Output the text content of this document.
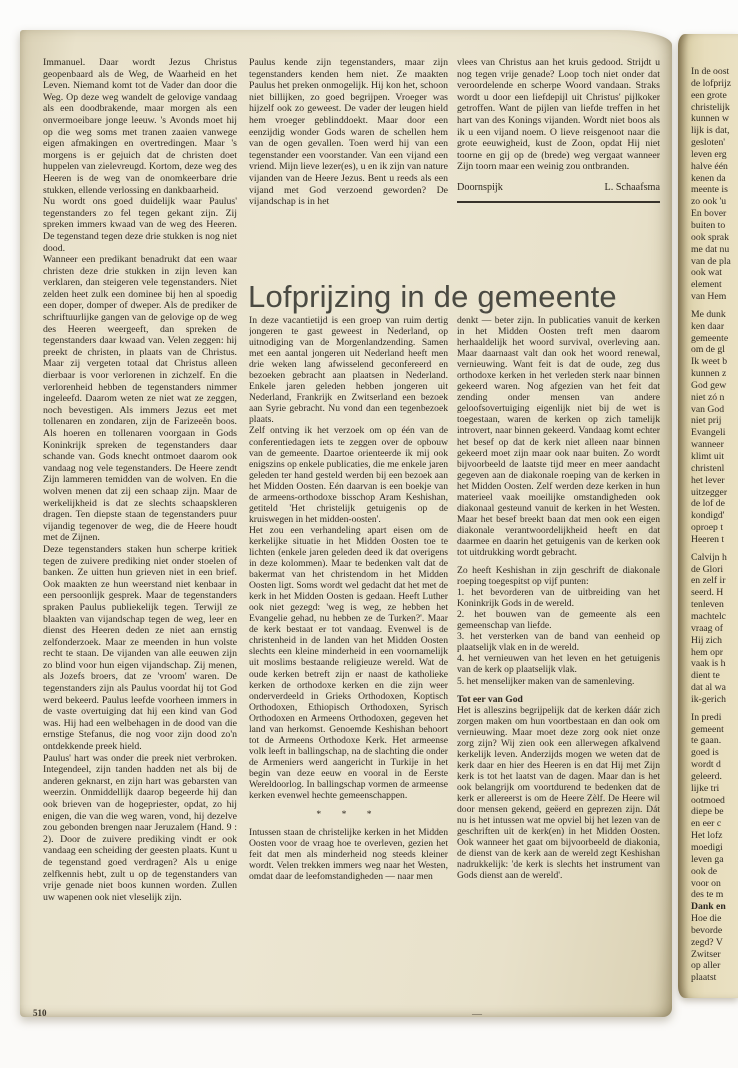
Immanuel. Daar wordt Jezus Christus geopenbaard als de Weg, de Waarheid en het Leven. Niemand komt tot de Vader dan door die Weg. Op deze weg wandelt de gelovige vandaag als een doodbrakende, maar morgen als een onvermoeibare jonge leeuw. 's Avonds moet hij op die weg soms met tranen zaaien vanwege eigen afmakingen en overtredingen. Maar 's morgens is er gejuich dat de christen doet huppelen van zielevreugd. Kortom, deze weg des Heeren is de weg van de onomkeerbare drie stukken, ellende verlossing en dankbaarheid.

Nu wordt ons goed duidelijk waar Paulus' tegenstanders zo fel tegen gekant zijn. Zij spreken immers kwaad van de weg des Heeren. De tegenstand tegen deze drie stukken is nog niet dood.

Wanneer een predikant benadrukt dat een waar christen deze drie stukken in zijn leven kan verklaren, dan steigeren vele tegenstanders. Niet zelden heet zulk een dominee bij hen al spoedig een doper, domper of dweper. Als de prediker de schriftuurlijke gangen van de gelovige op de weg des Heeren weergeeft, dan spreken de tegenstanders daar kwaad van. Velen zeggen: hij preekt de christen, in plaats van de Christus. Maar zij vergeten totaal dat Christus alleen dierbaar is voor verlorenen in zichzelf. En die verlorenheid hebben de tegenstanders nimmer ingeleefd. Daarom weten ze niet wat ze zeggen, noch bevestigen. Als immers Jezus eet met tollenaren en zondaren, zijn de Farizeeën boos. Als hoeren en tollenaren voorgaan in Gods Koninkrijk spreken de tegenstanders daar schande van. Gods knecht ontmoet daarom ook vandaag nog vele tegenstanders. De Heere zendt Zijn lammeren temidden van de wolven. En die wolven menen dat zij een schaap zijn. Maar de werkelijkheid is dat ze slechts schaapskleren dragen. Ten diepste staan de tegenstanders puur vijandig tegenover de weg, die de Heere houdt met de Zijnen.

Deze tegenstanders staken hun scherpe kritiek tegen de zuivere prediking niet onder stoelen of banken. Ze uitten hun grieven niet in een brief. Ook maakten ze hun weerstand niet kenbaar in een persoonlijk gesprek. Maar de tegenstanders spraken Paulus publiekelijk tegen. Terwijl ze blaakten van vijandschap tegen de weg, leer en dienst des Heeren deden ze niet aan ernstig zelfonderzoek. Maar ze meenden in hun volste recht te staan. De vijanden van alle eeuwen zijn zo blind voor hun eigen vijandschap. Zij menen, als Jozefs broers, dat ze 'vroom' waren. De tegenstanders zijn als Paulus voordat hij tot God werd bekeerd. Paulus leefde voorheen immers in de vaste overtuiging dat hij een kind van God was. Hij had een welbehagen in de dood van die ernstige Stefanus, die nog voor zijn dood zo'n ontdekkende preek hield.

Paulus' hart was onder die preek niet verbroken. Integendeel, zijn tanden hadden net als bij de anderen geknarst, en zijn hart was gebarsten van weerzin. Onmiddellijk daarop begeerde hij dan ook brieven van de hogepriester, opdat, zo hij enigen, die van die weg waren, vond, hij dezelve zou gebonden brengen naar Jeruzalem (Hand. 9 : 2). Door de zuivere prediking vindt er ook vandaag een scheiding der geesten plaats. Kunt u de tegenstand goed verdragen? Als u enige zelfkennis hebt, zult u op de tegenstanders van vrije genade niet boos kunnen worden. Zullen uw wapenen ook niet vleselijk zijn.

Paulus kende zijn tegenstanders, maar zijn tegenstanders kenden hem niet. Ze maakten Paulus het preken onmogelijk. Hij kon het, schoon niet billijken, zo goed begrijpen. Vroeger was hijzelf ook zo geweest. De vader der leugen hield hem vroeger geblinddoekt. Maar door een eenzijdig wonder Gods waren de schellen hem van de ogen gevallen. Toen werd hij van een tegenstander een voorstander. Van een vijand een vriend. Mijn lieve lezer(es), u en ik zijn van nature vijanden van de Heere Jezus. Bent u reeds als een vijand met God verzoend geworden? De vijandschap is in het

vlees van Christus aan het kruis gedood. Strijdt u nog tegen vrije genade? Loop toch niet onder dat veroordelende en scherpe Woord vandaan. Straks wordt u door een liefdepijl uit Christus' pijlkoker getroffen. Want de pijlen van liefde treffen in het hart van des Konings vijanden. Wordt niet boos als ik u een vijand noem. O lieve reisgenoot naar die grote eeuwigheid, kust de Zoon, opdat Hij niet toorne en gij op de (brede) weg vergaat wanneer Zijn toorn maar een weinig zou ontbranden.

Doornspijk	L. Schaafsma
Lofprijzing in de gemeente

In deze vacantietijd is een groep van ruim dertig jongeren te gast geweest in Nederland, op uitnodiging van de Morgenlandzending. Samen met een aantal jongeren uit Nederland heeft men drie weken lang afwisselend geconfereerd en bezoeken gebracht aan plaatsen in Nederland. Enkele jaren geleden hebben jongeren uit Nederland, Frankrijk en Zwitserland een bezoek aan Syrie gebracht. Nu vond dan een tegenbezoek plaats.

Zelf ontving ik het verzoek om op één van de conferentiedagen iets te zeggen over de opbouw van de gemeente. Daartoe orienteerde ik mij ook enigszins op enkele publicaties, die me enkele jaren geleden ter hand gesteld werden bij een bezoek aan het Midden Oosten. Eén daarvan is een boekje van de armeens-orthodoxe bisschop Aram Keshishan, getiteld 'Het christelijk getuigenis op de kruiswegen in het midden-oosten'.

Het zou een verhandeling apart eisen om de kerkelijke situatie in het Midden Oosten toe te lichten (enkele jaren geleden deed ik dat overigens in deze kolommen). Maar te bedenken valt dat de bakermat van het christendom in het Midden Oosten ligt. Soms wordt wel gedacht dat het met de kerk in het Midden Oosten is gedaan. Heeft Luther ook niet gezegd: 'weg is weg, ze hebben het Evangelie gehad, nu hebben ze de Turken?'. Maar de kerk bestaat er tot vandaag. Evenwel is de christenheid in de landen van het Midden Oosten slechts een kleine minderheid in een voornamelijk uit moslims bestaande religieuze wereld. Wat de oude kerken betreft zijn er naast de katholieke kerken de orthodoxe kerken en die zijn weer onderverdeeld in Grieks Orthodoxen, Koptisch Orthodoxen, Ethiopisch Orthodoxen, Syrisch Orthodoxen en Armeens Orthodoxen, gegeven het land van herkomst. Genoemde Keshishan behoort tot de Armeens Orthodoxe Kerk. Het armeense volk leeft in ballingschap, na de slachting die onder de Armeniers werd aangericht in Turkije in het begin van deze eeuw en vooral in de Eerste Wereldoorlog. In ballingschap vormen de armeense kerken evenwel hechte gemeenschappen.

* * *

Intussen staan de christelijke kerken in het Midden Oosten voor de vraag hoe te overleven, gezien het feit dat men als minderheid nog steeds kleiner wordt. Velen trekken immers weg naar het Westen, omdat daar de leefomstandigheden — naar men

denkt — beter zijn. In publicaties vanuit de kerken in het Midden Oosten treft men daarom herhaaldelijk het woord survival, overleving aan. Maar daarnaast valt dan ook het woord renewal, vernieuwing. Want feit is dat de oude, zeg dus orthodoxe kerken in het verleden sterk naar binnen gekeerd waren. Nog afgezien van het feit dat zending onder mensen van andere geloofsovertuiging eigenlijk niet bij de wet is toegestaan, waren de kerken op zich tamelijk introvert, naar binnen gekeerd. Vandaag komt echter het besef op dat de kerk niet alleen naar binnen gekeerd moet zijn maar ook naar buiten. Zo wordt bijvoorbeeld de laatste tijd meer en meer aandacht gegeven aan de diakonale roeping van de kerken in het Midden Oosten. Zelf werden deze kerken in hun materieel vaak moeilijke omstandigheden ook diakonaal gesteund vanuit de kerken in het Westen. Maar het besef breekt baan dat men ook een eigen diakonale verantwoordelijkheid heeft en dat daarmee en daarin het getuigenis van de kerken ook tot uitdrukking wordt gebracht.

Zo heeft Keshishan in zijn geschrift de diakonale roeping toegespitst op vijf punten:

1. het bevorderen van de uitbreiding van het Koninkrijk Gods in de wereld.

2. het bouwen van de gemeente als een gemeenschap van liefde.

3. het versterken van de band van eenheid op plaatselijk vlak en in de wereld.

4. het vernieuwen van het leven en het getuigenis van de kerk op plaatselijk vlak.

5. het menselijker maken van de samenleving.

Tot eer van God

Het is alleszins begrijpelijk dat de kerken dáár zich zorgen maken om hun voortbestaan en dan ook om vernieuwing. Maar moet deze zorg ook niet onze zorg zijn? Wij zien ook een allerwegen afkalvend kerkelijk leven. Anderzijds mogen we weten dat de kerk daar en hier des Heeren is en dat Hij met Zijn kerk is tot het laatst van de dagen. Maar dan is het ook belangrijk om voortdurend te bedenken dat de kerk er allereerst is om de Heere Zèlf. De Heere wil door mensen gekend, geëerd en geprezen zijn. Dát nu is het intussen wat me opviel bij het lezen van de geschriften uit de kerk(en) in het Midden Oosten. Ook wanneer het gaat om bijvoorbeeld de diakonia, de dienst van de kerk aan de wereld zegt Keshishan nadrukkelijk: 'de kerk is slechts het instrument van Gods dienst aan de wereld'.

510	—
In de oost
de lofprijz
een grote
christelijk
kunnen w
lijk is dat,
gesloten'
leven erg
halve één
kenen da
meente is
zo ook 'u
En bover
buiten to
ook sprak
me dat nu
van de pla
ook wat
element
van Hem
Me dunk
ken daar
gemeente
om de gl
Ik weet b
kunnen z
God gew
niet zó n
van God
niet prij
Evangeli
wanneer
klimt uit
christenl
het lever
uitzegger
de lof de
kondigd'
oproep t
Heeren t
Calvijn h
de Glori
en zelf ir
seerd. H
tenleven
machtelc
vraag of
Hij zich
hem opr
vaak is h
dient te
dat al wa
ik-gerich
In predi
gemeent
te gaan.
goed is
wordt d
geleerd.
lijke tri
ootmoed
diepe be
en eer c
Het lofz
moedigi
leven ga
ook de
voor on
des te m
Dank en
Hoe die
bevorde
zegd? V
Zwitser
op aller
plaatst
